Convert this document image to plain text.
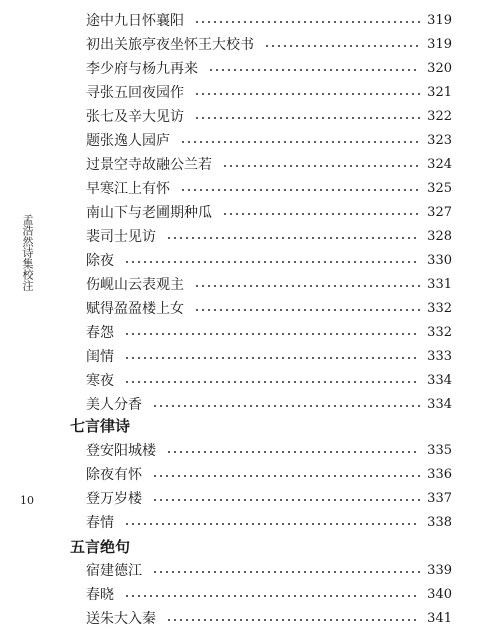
孟浩然诗集校注
10
途中九日怀襄阳	319
初出关旅亭夜坐怀王大校书	319
李少府与杨九再来	320
寻张五回夜园作	321
张七及辛大见访	322
题张逸人园庐	323
过景空寺故融公兰若	324
早寒江上有怀	325
南山下与老圃期种瓜	327
裴司士见访	328
除夜	330
伤岘山云表观主	331
赋得盈盈楼上女	332
春怨	332
闺情	333
寒夜	334
美人分香	334
七言律诗
登安阳城楼	335
除夜有怀	336
登万岁楼	337
春情	338
五言绝句
宿建德江	339
春晓	340
送朱大入秦	341
